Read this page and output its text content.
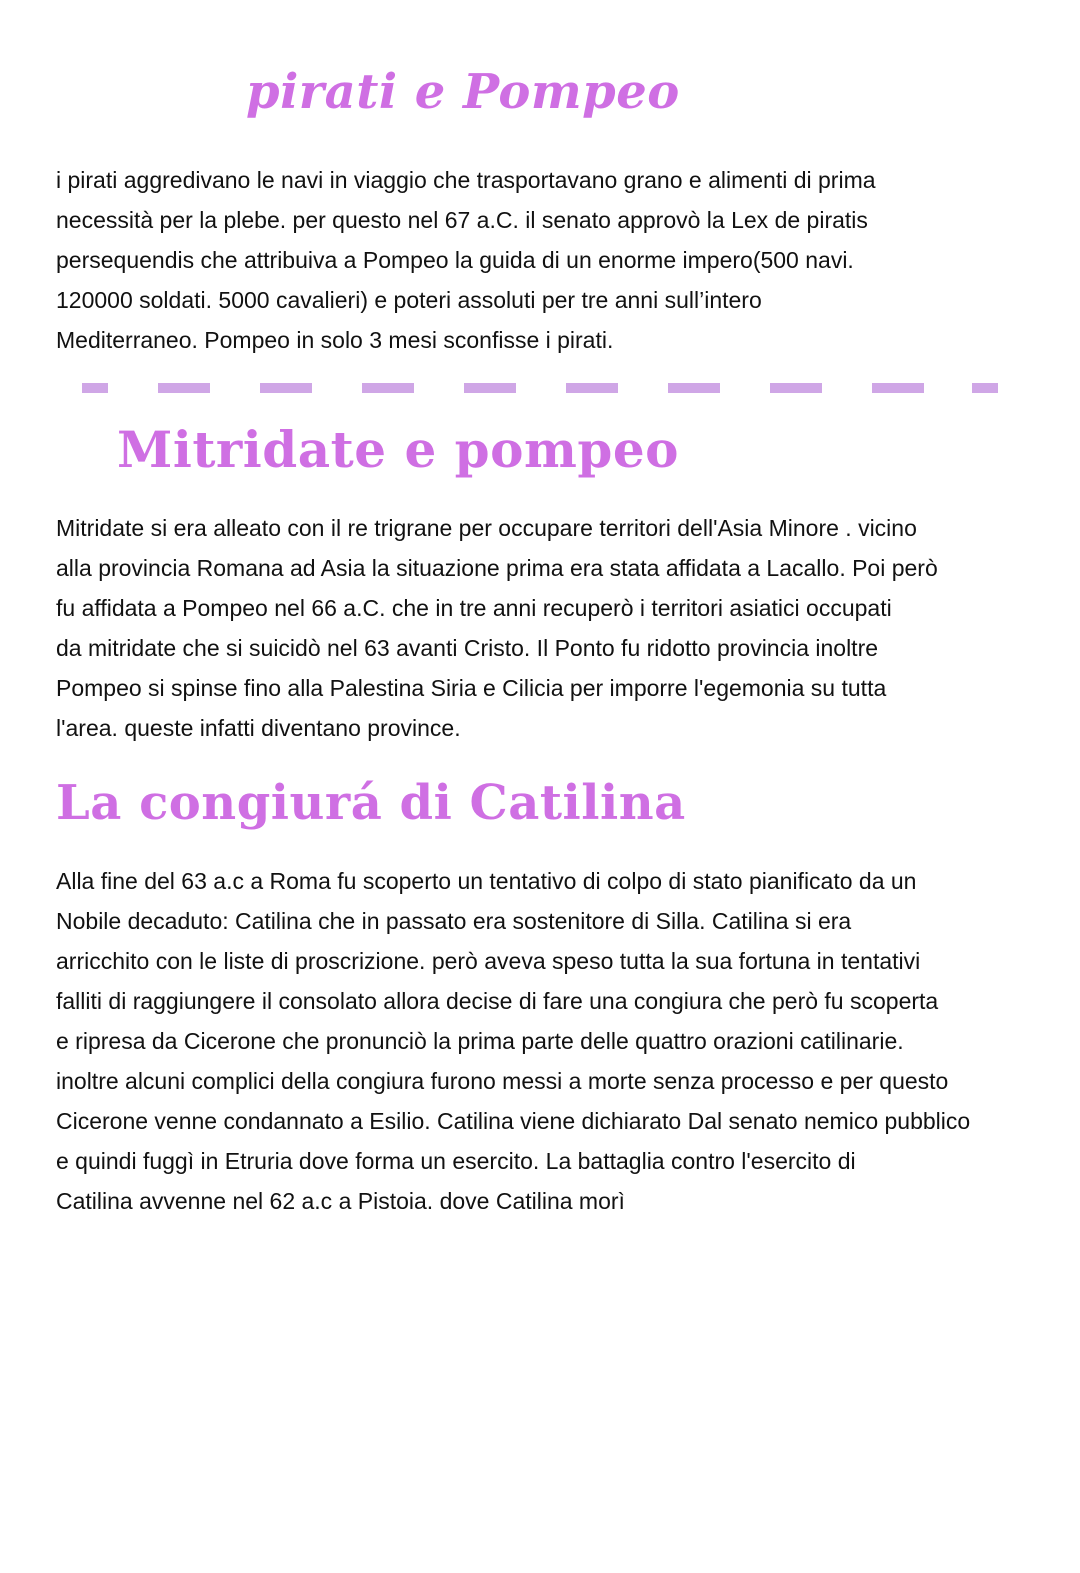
pirati e Pompeo
i pirati aggredivano le navi in viaggio che trasportavano grano e alimenti di prima
necessità per la plebe. per questo nel 67 a.C. il senato approvò la Lex de piratis
persequendis che attribuiva a Pompeo la guida di un enorme impero(500 navi.
120000 soldati. 5000 cavalieri) e poteri assoluti per tre anni sull’intero
Mediterraneo. Pompeo in solo 3 mesi sconfisse i pirati.
Mitridate e pompeo
Mitridate si era alleato con il re trigrane per occupare territori dell'Asia Minore . vicino
alla provincia Romana ad Asia la situazione prima era stata affidata a Lacallo. Poi però
fu affidata a Pompeo nel 66 a.C. che in tre anni recuperò i territori asiatici occupati
da mitridate che si suicidò nel 63 avanti Cristo. Il Ponto fu ridotto provincia inoltre
Pompeo si spinse fino alla Palestina Siria e Cilicia per imporre l'egemonia su tutta
l'area. queste infatti diventano province.
La congiurá di Catilina
Alla fine del 63 a.c a Roma fu scoperto un tentativo di colpo di stato pianificato da un
Nobile decaduto: Catilina che in passato era sostenitore di Silla. Catilina si era
arricchito con le liste di proscrizione. però aveva speso tutta la sua fortuna in tentativi
falliti di raggiungere il consolato allora decise di fare una congiura che però fu scoperta
e ripresa da Cicerone che pronunciò la prima parte delle quattro orazioni catilinarie.
inoltre alcuni complici della congiura furono messi a morte senza processo e per questo
Cicerone venne condannato a Esilio. Catilina viene dichiarato Dal senato nemico pubblico
e quindi fuggì in Etruria dove forma un esercito. La battaglia contro l'esercito di
Catilina avvenne nel 62 a.c a Pistoia. dove Catilina morì
